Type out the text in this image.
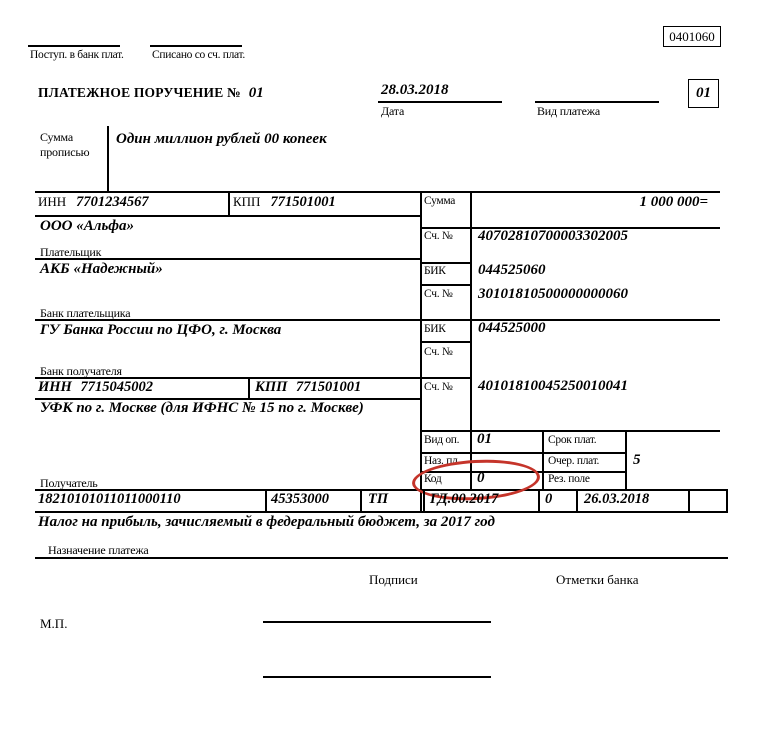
0401060
Поступ. в банк плат. Списано со сч. плат.
ПЛАТЕЖНОЕ ПОРУЧЕНИЕ № 01	28.03.2018
Дата	Вид платежа
01
Сумма прописью
Один миллион рублей 00 копеек
ИНН 7701234567	КПП 771501001
ООО «Альфа»
Плательщик
Сумма	1 000 000=
Сч. № 40702810700003302005
АКБ «Надежный»
Банк плательщика
БИК 044525060
Сч. № 30101810500000000060
ГУ Банка России по ЦФО, г. Москва
Банк получателя
БИК 044525000
Сч. №
ИНН 7715045002	КПП 771501001
УФК по г. Москве (для ИФНС № 15 по г. Москве)
Получатель
Сч. № 40101810045250010041
Вид оп. 01
Наз. пл.
Код 0
Срок плат.
Очер. плат. 5
Рез. поле
18210101011011000110	45353000	ТП	ГД.00.2017	0 26.03.2018
Налог на прибыль, зачисляемый в федеральный бюджет, за 2017 год
Назначение платежа
Подписи	Отметки банка
М.П.
